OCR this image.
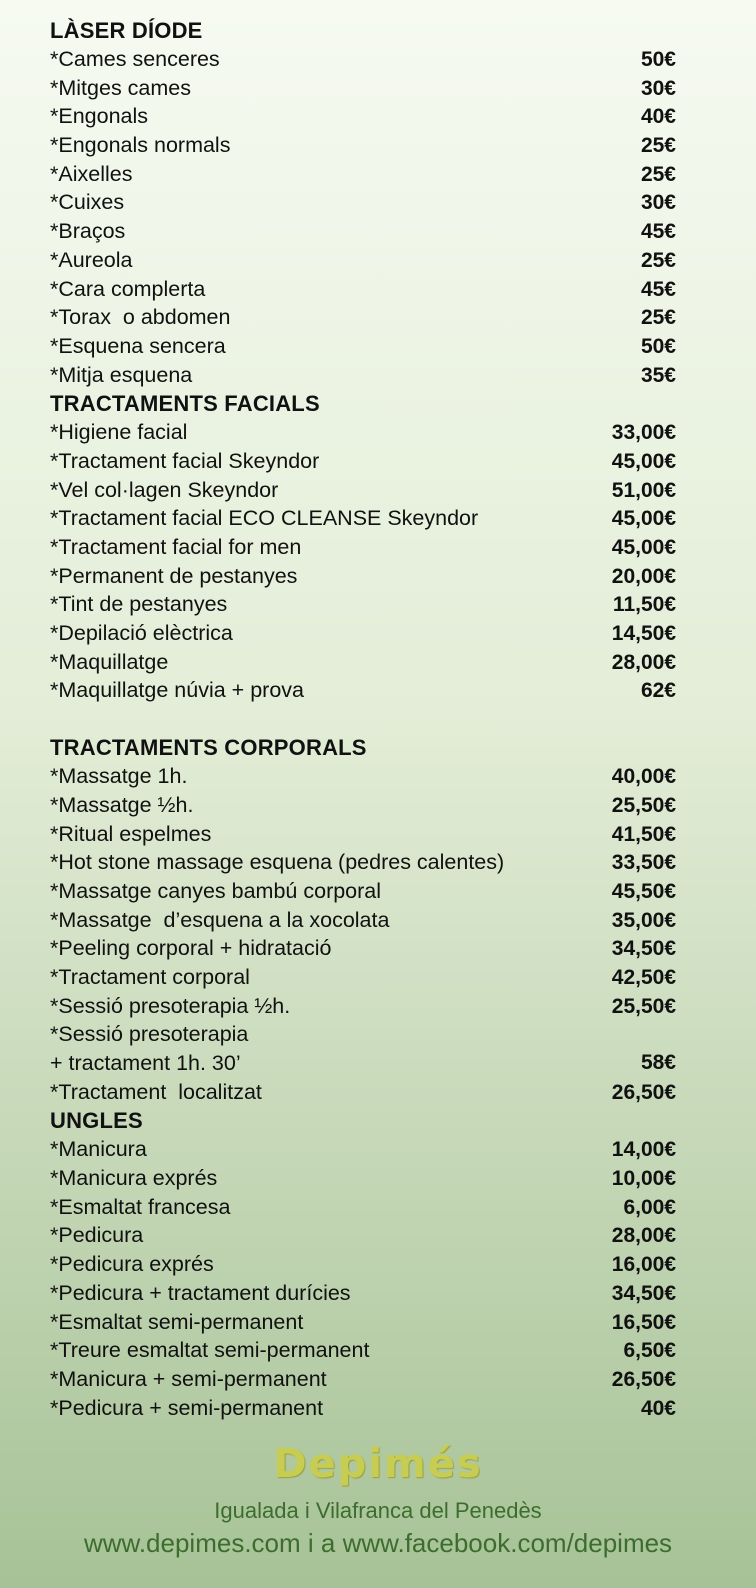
LÀSER DÍODE
*Cames senceres	50€
*Mitges cames	30€
*Engonals	40€
*Engonals normals	25€
*Aixelles	25€
*Cuixes	30€
*Braços	45€
*Aureola	25€
*Cara complerta	45€
*Torax  o abdomen	25€
*Esquena sencera	50€
*Mitja esquena	35€
TRACTAMENTS FACIALS
*Higiene facial	33,00€
*Tractament facial Skeyndor	45,00€
*Vel col·lagen Skeyndor	51,00€
*Tractament facial ECO CLEANSE Skeyndor	45,00€
*Tractament facial for men	45,00€
*Permanent de pestanyes	20,00€
*Tint de pestanyes	11,50€
*Depilació elèctrica	14,50€
*Maquillatge	28,00€
*Maquillatge núvia + prova	62€
TRACTAMENTS CORPORALS
*Massatge 1h.	40,00€
*Massatge ½h.	25,50€
*Ritual espelmes	41,50€
*Hot stone massage esquena (pedres calentes)	33,50€
*Massatge canyes bambú corporal	45,50€
*Massatge  d’esquena a la xocolata	35,00€
*Peeling corporal + hidratació	34,50€
*Tractament corporal	42,50€
*Sessió presoterapia ½h.	25,50€
*Sessió presoterapia
+ tractament 1h. 30’	58€
*Tractament  localitzat	26,50€
UNGLES
*Manicura	14,00€
*Manicura exprés	10,00€
*Esmaltat francesa	6,00€
*Pedicura	28,00€
*Pedicura exprés	16,00€
*Pedicura + tractament durícies	34,50€
*Esmaltat semi-permanent	16,50€
*Treure esmaltat semi-permanent	6,50€
*Manicura + semi-permanent	26,50€
*Pedicura + semi-permanent	40€
Depimés
Igualada i Vilafranca del Penedès
www.depimes.com i a www.facebook.com/depimes
